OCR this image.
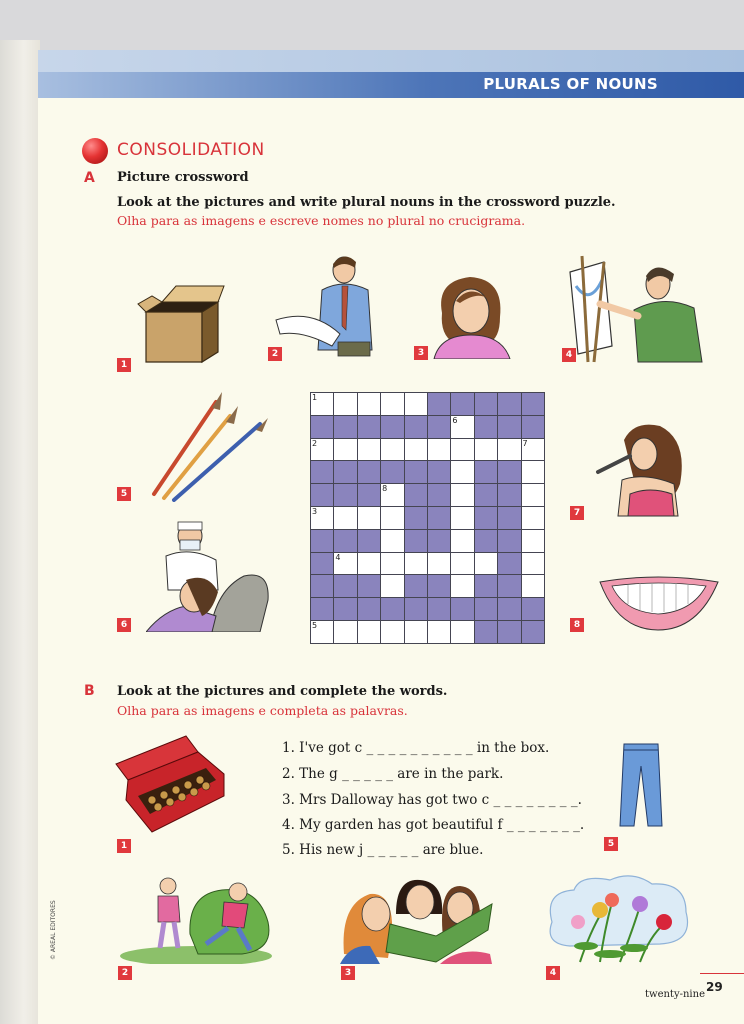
PLURALS OF NOUNS
CONSOLIDATION
A Picture crossword
Look at the pictures and write plural nouns in the crossword puzzle.
Olha para as imagens e escreve nomes no plural no crucigrama.
1
2	3	4
5
1
6
2	7
8
3
4
5
6
7
8
B Look at the pictures and complete the words.
Olha para as imagens e completa as palavras.
1
1. I've got c _ _ _ _ _ _ _ _ _ _ in the box.
2. The g _ _ _ _ _ are in the park.
3. Mrs Dalloway has got two c _ _ _ _ _ _ _ _.
4. My garden has got beautiful f _ _ _ _ _ _ _.
5. His new j _ _ _ _ _ are blue.	5
2	3	4
© AREAL EDITORES
twenty-nine
29
